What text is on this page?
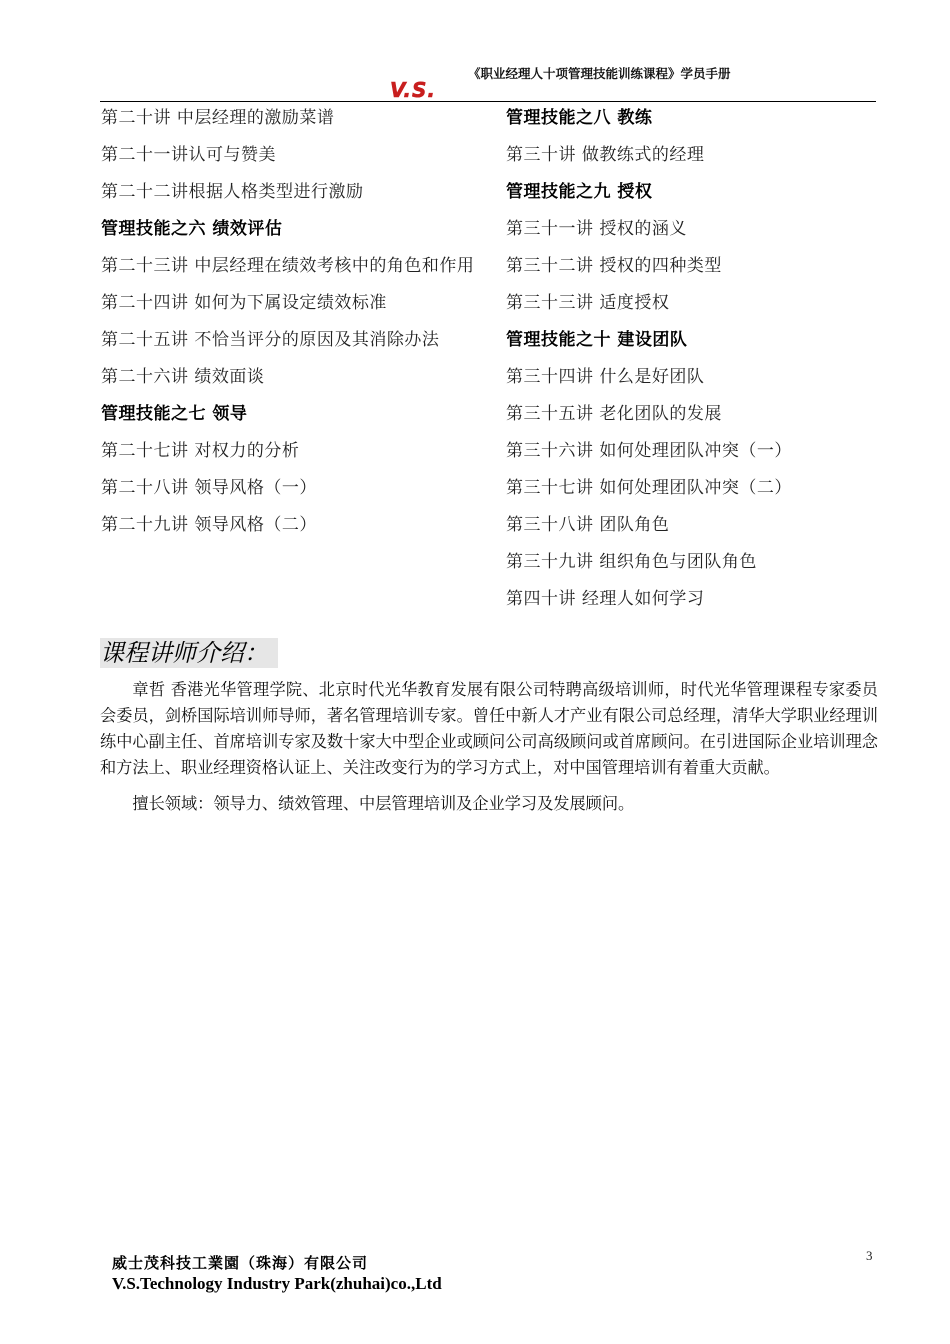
《职业经理人十项管理技能训练课程》学员手册
V.S.
第二十讲 中层经理的激励菜谱
第二十一讲认可与赞美
第二十二讲根据人格类型进行激励
管理技能之六 绩效评估
第二十三讲 中层经理在绩效考核中的角色和作用
第二十四讲 如何为下属设定绩效标准
第二十五讲 不恰当评分的原因及其消除办法
第二十六讲 绩效面谈
管理技能之七 领导
第二十七讲 对权力的分析
第二十八讲 领导风格（一）
第二十九讲 领导风格（二）
管理技能之八 教练
第三十讲 做教练式的经理
管理技能之九 授权
第三十一讲 授权的涵义
第三十二讲 授权的四种类型
第三十三讲 适度授权
管理技能之十 建设团队
第三十四讲 什么是好团队
第三十五讲 老化团队的发展
第三十六讲 如何处理团队冲突（一）
第三十七讲 如何处理团队冲突（二）
第三十八讲 团队角色
第三十九讲 组织角色与团队角色
第四十讲 经理人如何学习
课程讲师介绍：

章哲 香港光华管理学院、北京时代光华教育发展有限公司特聘高级培训师，时代光华管理课程专家委员会委员，剑桥国际培训师导师，著名管理培训专家。曾任中新人才产业有限公司总经理，清华大学职业经理训练中心副主任、首席培训专家及数十家大中型企业或顾问公司高级顾问或首席顾问。在引进国际企业培训理念和方法上、职业经理资格认证上、关注改变行为的学习方式上，对中国管理培训有着重大贡献。

擅长领域：领导力、绩效管理、中层管理培训及企业学习及发展顾问。

威士茂科技工業園（珠海）有限公司
V.S.Technology Industry Park(zhuhai)co.,Ltd
3
